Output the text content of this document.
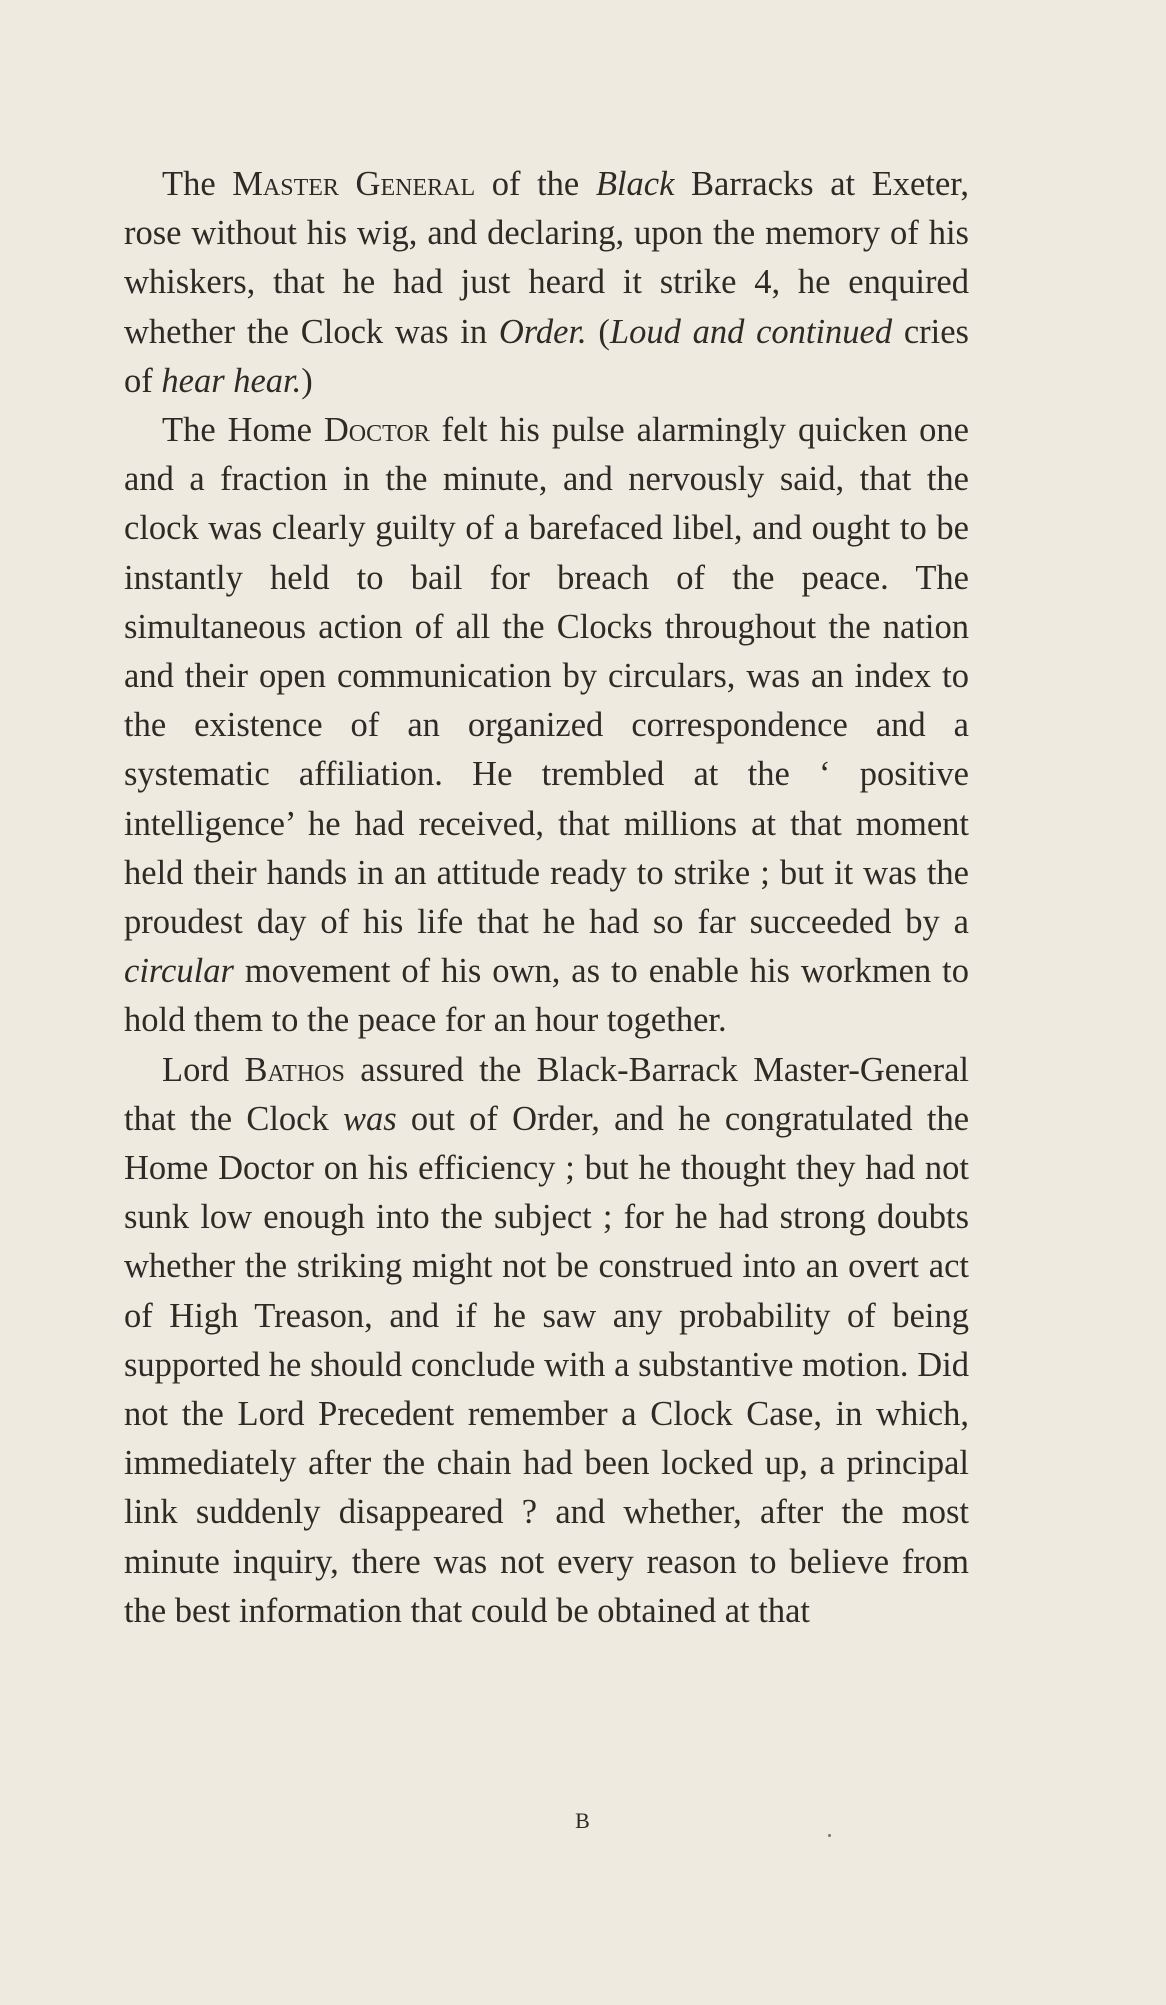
The Master General of the Black Barracks at Exeter, rose without his wig, and declaring, upon the memory of his whiskers, that he had just heard it strike 4, he enquired whether the Clock was in Order. (Loud and continued cries of hear hear.)

The Home Doctor felt his pulse alarmingly quicken one and a fraction in the minute, and nervously said, that the clock was clearly guilty of a barefaced libel, and ought to be instantly held to bail for breach of the peace. The simultaneous action of all the Clocks throughout the nation and their open communication by circulars, was an index to the existence of an organized correspondence and a systematic affiliation. He trembled at the ‘ positive intelligence’ he had received, that millions at that moment held their hands in an attitude ready to strike ; but it was the proudest day of his life that he had so far succeeded by a circular movement of his own, as to enable his workmen to hold them to the peace for an hour together.

Lord Bathos assured the Black-Barrack Master-General that the Clock was out of Order, and he congratulated the Home Doctor on his efficiency ; but he thought they had not sunk low enough into the subject ; for he had strong doubts whether the striking might not be construed into an overt act of High Treason, and if he saw any probability of being supported he should conclude with a substantive motion. Did not the Lord Precedent remember a Clock Case, in which, immediately after the chain had been locked up, a principal link suddenly disappeared ? and whether, after the most minute inquiry, there was not every reason to believe from the best information that could be obtained at that

B
